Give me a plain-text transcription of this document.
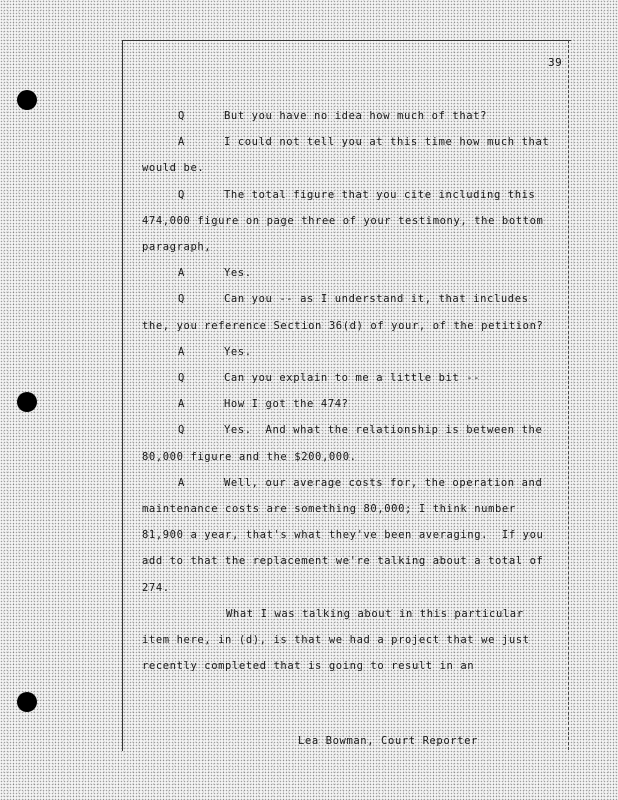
39
Q	But you have no idea how much of that?
A	I could not tell you at this time how much that
would be.
Q	The total figure that you cite including this
474,000 figure on page three of your testimony, the bottom
paragraph,
A	Yes.
Q	Can you -- as I understand it, that includes
the, you reference Section 36(d) of your, of the petition?
A	Yes.
Q	Can you explain to me a little bit --
A	How I got the 474?
Q	Yes.  And what the relationship is between the
80,000 figure and the $200,000.
A	Well, our average costs for, the operation and
maintenance costs are something 80,000; I think number
81,900 a year, that's what they've been averaging.  If you
add to that the replacement we're talking about a total of
274.
What I was talking about in this particular
item here, in (d), is that we had a project that we just
recently completed that is going to result in an
Lea Bowman, Court Reporter
